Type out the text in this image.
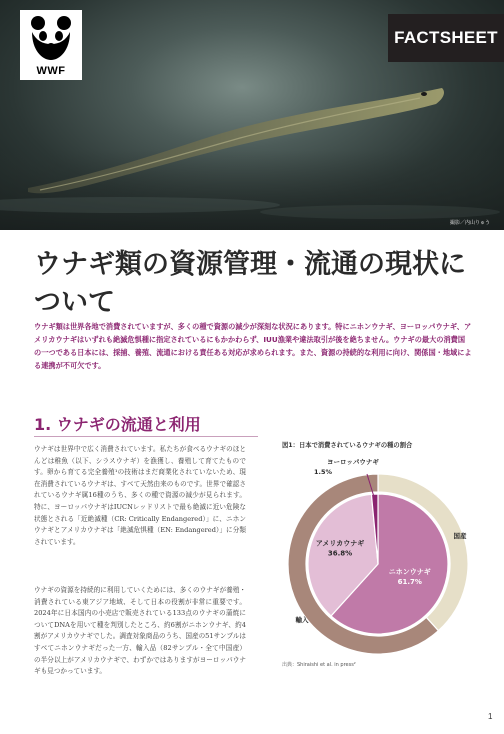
WWF
FACTSHEET
撮影／内山りゅう
ウナギ類の資源管理・流通の現状について

ウナギ類は世界各地で消費されていますが、多くの種で資源の減少が深刻な状況にあります。特にニホンウナギ、ヨーロッパウナギ、アメリカウナギはいずれも絶滅危惧種に指定されているにもかかわらず、IUU漁業や違法取引が後を絶ちません。ウナギの最大の消費国の一つである日本には、採捕、養殖、流通における責任ある対応が求められます。また、資源の持続的な利用に向け、関係国・地域による連携が不可欠です。

1. ウナギの流通と利用

ウナギは世界中で広く消費されています。私たちが食べるウナギのほとんどは稚魚（以下、シラスウナギ）を漁獲し、養殖して育てたものです。卵から育てる完全養殖¹の技術はまだ商業化されていないため、現在消費されているウナギは、すべて天然由来のものです。世界で確認されているウナギ属16種のうち、多くの種で資源の減少が見られます。特に、ヨーロッパウナギはIUCNレッドリストで最も絶滅に近い危険な状態とされる「近絶滅種（CR: Critically Endangered）」に、ニホンウナギとアメリカウナギは「絶滅危惧種（EN: Endangered）」に分類されています。

ウナギの資源を持続的に利用していくためには、多くのウナギが養殖・消費されている東アジア地域、そして日本の役割が非常に重要です。2024年に日本国内の小売店で販売されている133点のウナギの蒲焼についてDNAを用いて種を判別したところ、約6割がニホンウナギ、約4割がアメリカウナギでした。調査対象商品のうち、国産の51サンプルはすべてニホンウナギだった一方、輸入品（82サンプル・全て中国産）の半分以上がアメリカウナギで、わずかではありますがヨーロッパウナギも見つかっています。

図1：日本で消費されているウナギの種の割合
ニホンウナギ
61.7%
アメリカウナギ
36.8%
ヨーロッパウナギ
1.5%
国産
輸入
出典：Shiraishi et al. in press²
1
